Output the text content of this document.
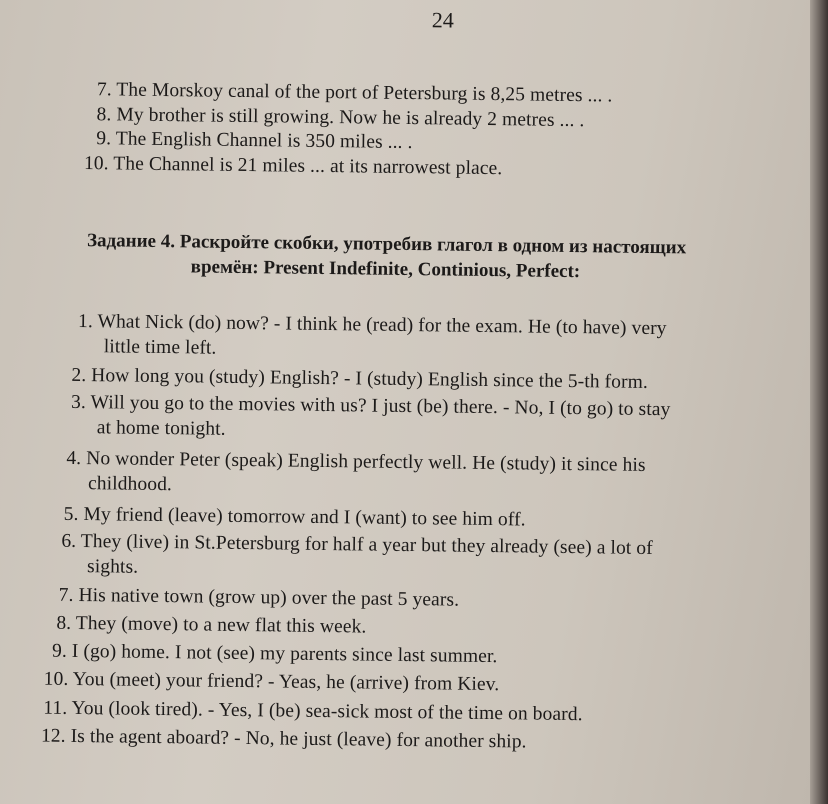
24
7. The Morskoy canal of the port of Petersburg is 8,25 metres ... .
8. My brother is still growing. Now he is already 2 metres ... .
9. The English Channel is 350 miles ... .
10. The Channel is 21 miles ... at its narrowest place.
Задание 4. Раскройте скобки, употребив глагол в одном из настоящих
времён: Present Indefinite, Continious, Perfect:
1. What Nick (do) now? - I think he (read) for the exam. He (to have) very
little time left.
2. How long you (study) English? - I (study) English since the 5-th form.
3. Will you go to the movies with us? I just (be) there. - No, I (to go) to stay
at home tonight.
4. No wonder Peter (speak) English perfectly well. He (study) it since his
childhood.
5. My friend (leave) tomorrow and I (want) to see him off.
6. They (live) in St.Petersburg for half a year but they already (see) a lot of
sights.
7. His native town (grow up) over the past 5 years.
8. They (move) to a new flat this week.
9. I (go) home. I not (see) my parents since last summer.
10. You (meet) your friend? - Yeas, he (arrive) from Kiev.
11. You (look tired). - Yes, I (be) sea-sick most of the time on board.
12. Is the agent aboard? - No, he just (leave) for another ship.
